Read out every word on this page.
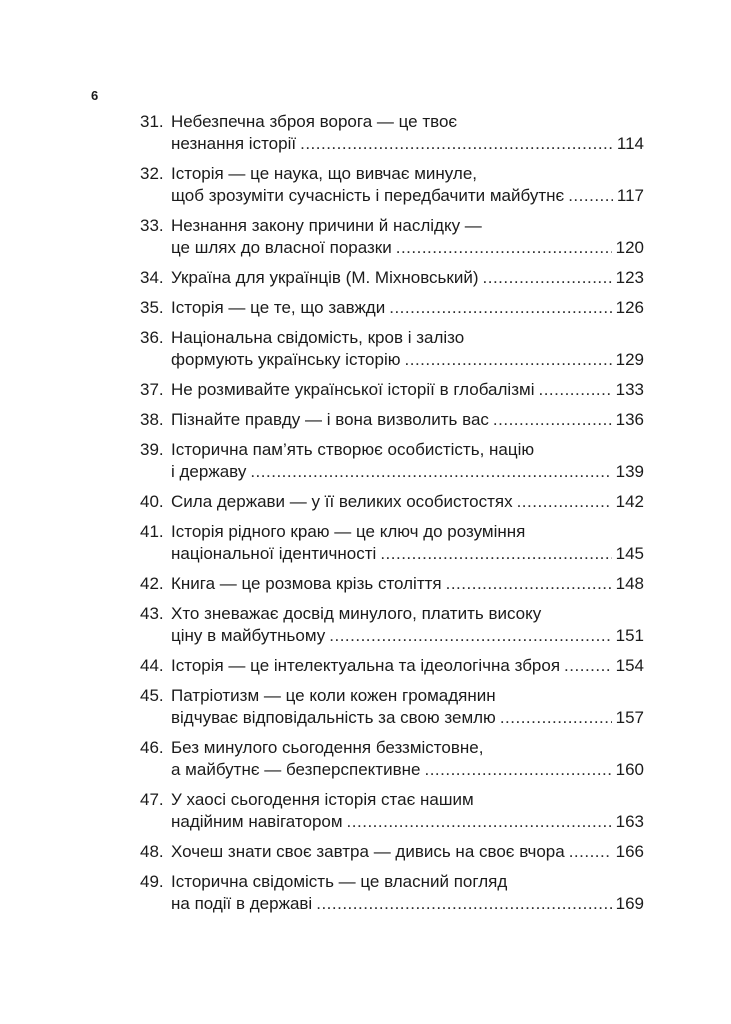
6
31. Небезпечна зброя ворога — це твоє
незнання історії .....	114
32. Історія — це наука, що вивчає минуле,
щоб зрозуміти сучасність і передбачити майбутнє .....	117
33. Незнання закону причини й наслідку —
це шлях до власної поразки .....	120
34. Україна для українців (М. Міхновський) .....	123
35. Історія — це те, що завжди .....	126
36. Національна свідомість, кров і залізо
формують українську історію .....	129
37. Не розмивайте української історії в глобалізмі .....	133
38. Пізнайте правду — і вона визволить вас .....	136
39. Історична пам’ять створює особистість, націю
і державу .....	139
40. Сила держави — у її великих особистостях .....	142
41. Історія рідного краю — це ключ до розуміння
національної ідентичності .....	145
42. Книга — це розмова крізь століття .....	148
43. Хто зневажає досвід минулого, платить високу
ціну в майбутньому .....	151
44. Історія — це інтелектуальна та ідеологічна зброя .....	154
45. Патріотизм — це коли кожен громадянин
відчуває відповідальність за свою землю .....	157
46. Без минулого сьогодення беззмістовне,
а майбутнє — безперспективне .....	160
47. У хаосі сьогодення історія стає нашим
надійним навігатором .....	163
48. Хочеш знати своє завтра — дивись на своє вчора .....	166
49. Історична свідомість — це власний погляд
на події в державі .....	169
